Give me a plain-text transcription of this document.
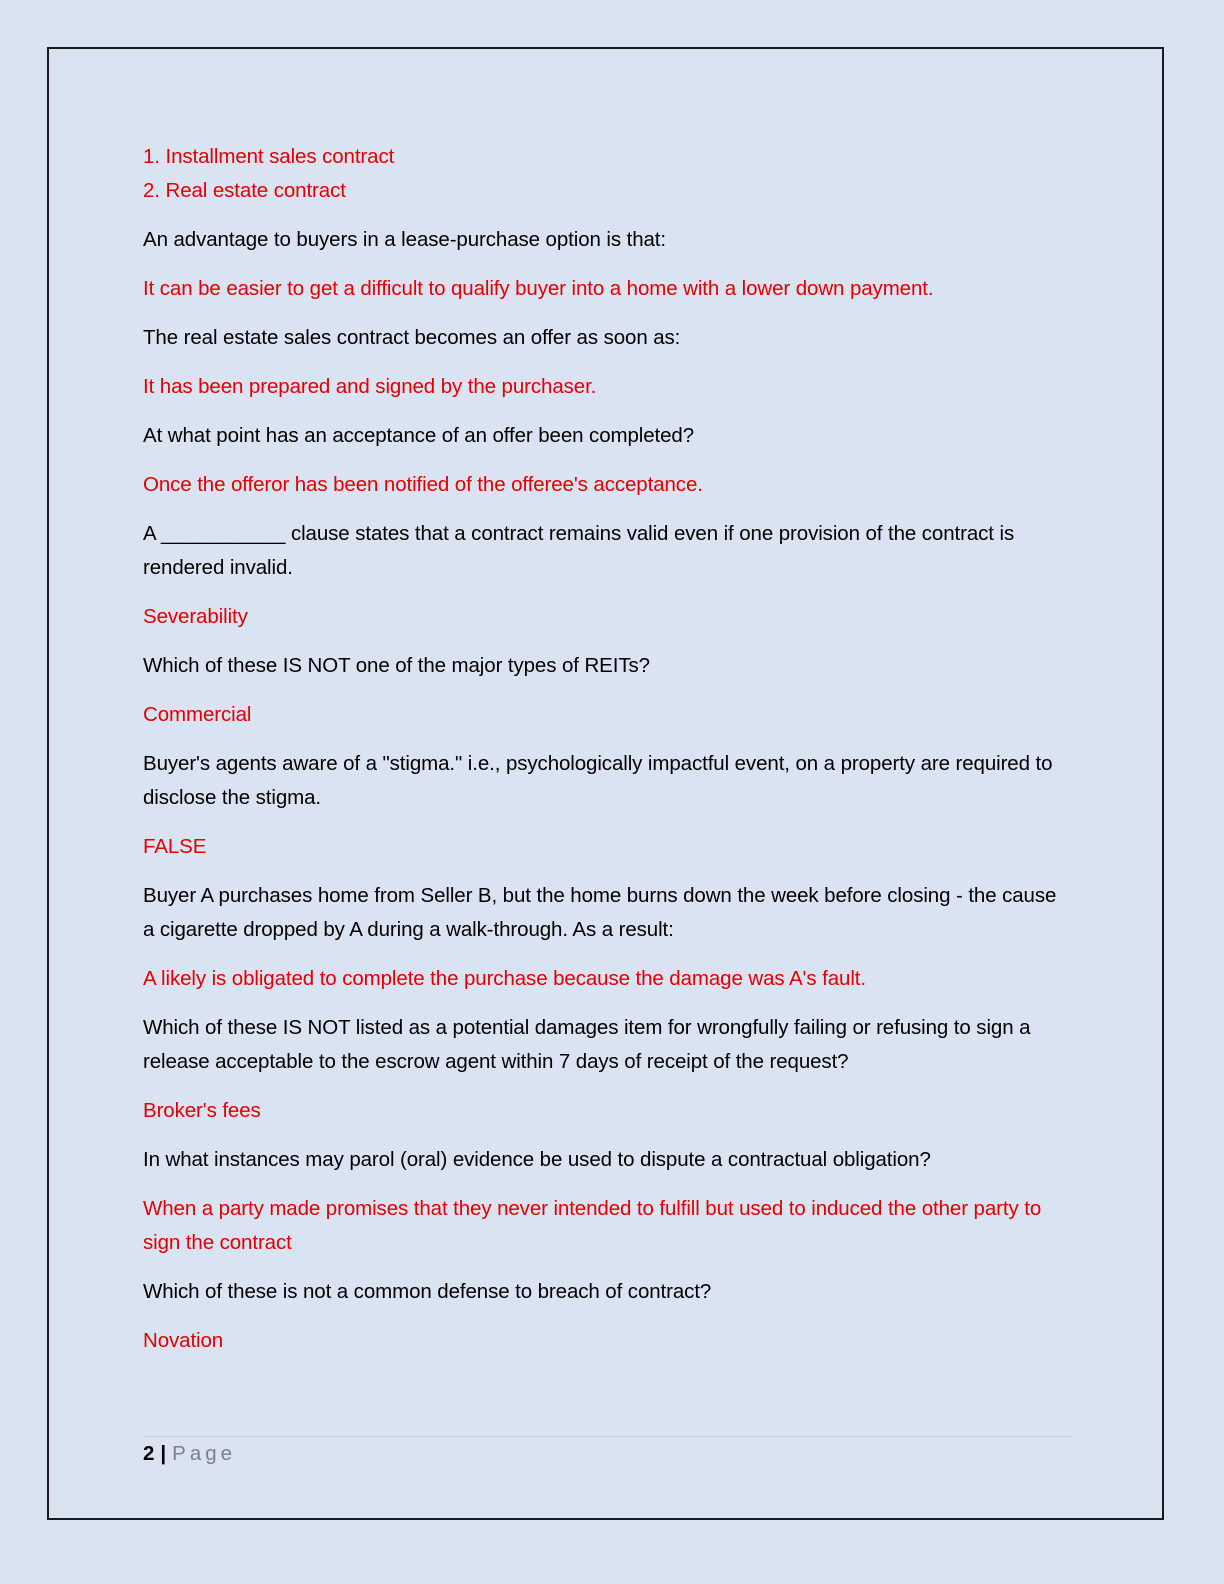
1. Installment sales contract

2. Real estate contract

An advantage to buyers in a lease-purchase option is that:

It can be easier to get a difficult to qualify buyer into a home with a lower down payment.

The real estate sales contract becomes an offer as soon as:

It has been prepared and signed by the purchaser.

At what point has an acceptance of an offer been completed?

Once the offeror has been notified of the offeree's acceptance.

A ___________ clause states that a contract remains valid even if one provision of the contract is rendered invalid.

Severability

Which of these IS NOT one of the major types of REITs?

Commercial

Buyer's agents aware of a "stigma." i.e., psychologically impactful event, on a property are required to disclose the stigma.

FALSE

Buyer A purchases home from Seller B, but the home burns down the week before closing - the cause a cigarette dropped by A during a walk-through. As a result:

A likely is obligated to complete the purchase because the damage was A's fault.

Which of these IS NOT listed as a potential damages item for wrongfully failing or refusing to sign a release acceptable to the escrow agent within 7 days of receipt of the request?

Broker's fees

In what instances may parol (oral) evidence be used to dispute a contractual obligation?

When a party made promises that they never intended to fulfill but used to induced the other party to sign the contract

Which of these is not a common defense to breach of contract?

Novation

2 | Page
